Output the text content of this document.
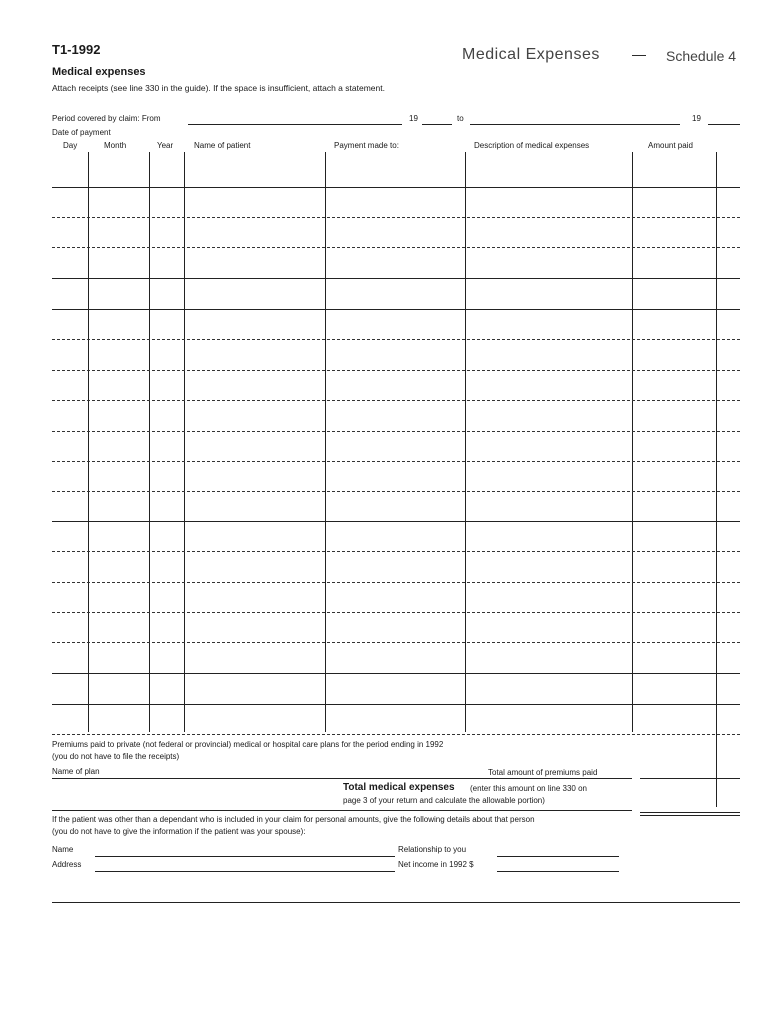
T1-1992	Medical Expenses — Schedule 4
Medical expenses
Attach receipts (see line 330 in the guide). If the space is insufficient, attach a statement.
Period covered by claim: From	19	to	19
Date of payment
Day	Month	Year	Name of patient	Payment made to:	Description of medical expenses	Amount paid
Premiums paid to private (not federal or provincial) medical or hospital care plans for the period ending in 1992
(you do not have to file the receipts)
Name of plan	Total amount of premiums paid
Total medical expenses (enter this amount on line 330 on
page 3 of your return and calculate the allowable portion)
If the patient was other than a dependant who is included in your claim for personal amounts, give the following details about that person
(you do not have to give the information if the patient was your spouse):
Name	Relationship to you
Address	Net income in 1992 $
